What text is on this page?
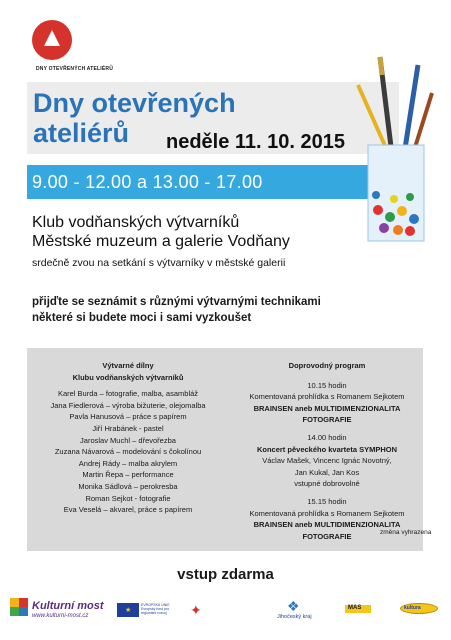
DNY OTEVŘENÝCH ATELIÉRŮ
Dny otevřených
ateliérů neděle 11. 10. 2015
9.00 - 12.00 a 13.00 - 17.00
Klub vodňanských výtvarníků
Městské muzeum a galerie Vodňany
srdečně zvou na setkání s výtvarníky v městské galerii
přijďte se seznámit s různými výtvarnými technikami
některé si budete moci i sami vyzkoušet
Výtvarné dílny
Klubu vodňanských výtvarníků
Karel Burda – fotografie, malba, asambláž
Jana Fiedlerová – výroba bižuterie, olejomalba
Pavla Hanusová – práce s papírem
Jiří Hrabánek - pastel
Jaroslav Muchl – dřevořezba
Zuzana Návarová – modelování s čokolínou
Andrej Rády – malba akrylem
Martin Řepa – performance
Monika Sádlová – perokresba
Roman Sejkot - fotografie
Eva Veselá – akvarel, práce s papírem
Doprovodný program
10.15 hodin
Komentovaná prohlídka s Romanem Sejkotem
BRAINSEN aneb MULTIDIMENZIONALITA
FOTOGRAFIE
14.00 hodin
Koncert pěveckého kvarteta SYMPHON
Václav Mašek, Vincenc Ignác Novotný,
Jan Kukal, Jan Kos
vstupné dobrovolné
15.15 hodin
Komentovaná prohlídka s Romanem Sejkotem
BRAINSEN aneb MULTIDIMENZIONALITA
FOTOGRAFIE	změna vyhrazena
vstup zdarma
Kulturní most
www.kulturni-most.cz
★
EVROPSKÁ UNIE Evropský fond pro regionální rozvoj	✦	❖
Jihočeský kraj
MAS	kultura
